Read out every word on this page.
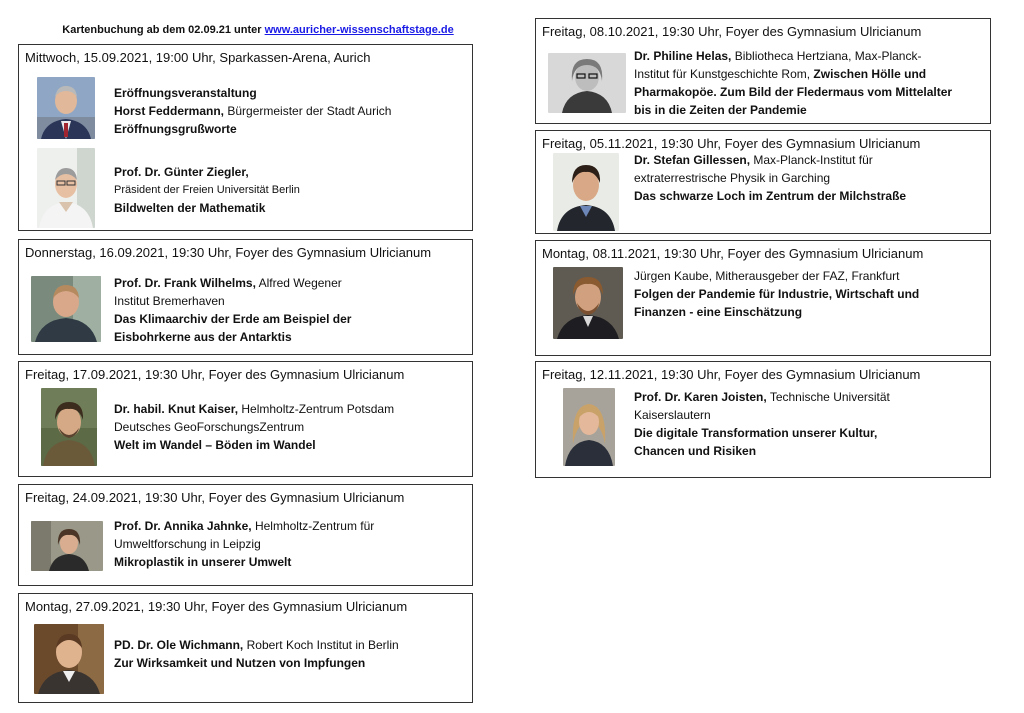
Kartenbuchung ab dem 02.09.21 unter www.auricher-wissenschaftstage.de
Mittwoch, 15.09.2021, 19:00 Uhr, Sparkassen-Arena, Aurich
Eröffnungsveranstaltung
Horst Feddermann, Bürgermeister der Stadt Aurich
Eröffnungsgrußworte
Prof. Dr. Günter Ziegler,
Präsident der Freien Universität Berlin
Bildwelten der Mathematik
Donnerstag, 16.09.2021, 19:30 Uhr, Foyer des Gymnasium Ulricianum
Prof. Dr. Frank Wilhelms, Alfred Wegener
Institut Bremerhaven
Das Klimaarchiv der Erde am Beispiel der
Eisbohrkerne aus der Antarktis
Freitag, 17.09.2021, 19:30 Uhr, Foyer des Gymnasium Ulricianum
Dr. habil. Knut Kaiser, Helmholtz-Zentrum Potsdam
Deutsches GeoForschungsZentrum
Welt im Wandel – Böden im Wandel
Freitag, 24.09.2021, 19:30 Uhr, Foyer des Gymnasium Ulricianum
Prof. Dr. Annika Jahnke, Helmholtz-Zentrum für
Umweltforschung in Leipzig
Mikroplastik in unserer Umwelt
Montag, 27.09.2021, 19:30 Uhr, Foyer des Gymnasium Ulricianum
PD. Dr. Ole Wichmann, Robert Koch Institut in Berlin
Zur Wirksamkeit und Nutzen von Impfungen
Freitag, 08.10.2021, 19:30 Uhr, Foyer des Gymnasium Ulricianum
Dr. Philine Helas, Bibliotheca Hertziana, Max-Planck-
Institut für Kunstgeschichte Rom, Zwischen Hölle und
Pharmakopöe. Zum Bild der Fledermaus vom Mittelalter
bis in die Zeiten der Pandemie
Freitag, 05.11.2021, 19:30 Uhr, Foyer des Gymnasium Ulricianum
Dr. Stefan Gillessen, Max-Planck-Institut für
extraterrestrische Physik in Garching
Das schwarze Loch im Zentrum der Milchstraße
Montag, 08.11.2021, 19:30 Uhr, Foyer des Gymnasium Ulricianum
Jürgen Kaube, Mitherausgeber der FAZ, Frankfurt
Folgen der Pandemie für Industrie, Wirtschaft und
Finanzen - eine Einschätzung
Freitag, 12.11.2021, 19:30 Uhr, Foyer des Gymnasium Ulricianum
Prof. Dr. Karen Joisten, Technische Universität
Kaiserslautern
Die digitale Transformation unserer Kultur,
Chancen und Risiken
